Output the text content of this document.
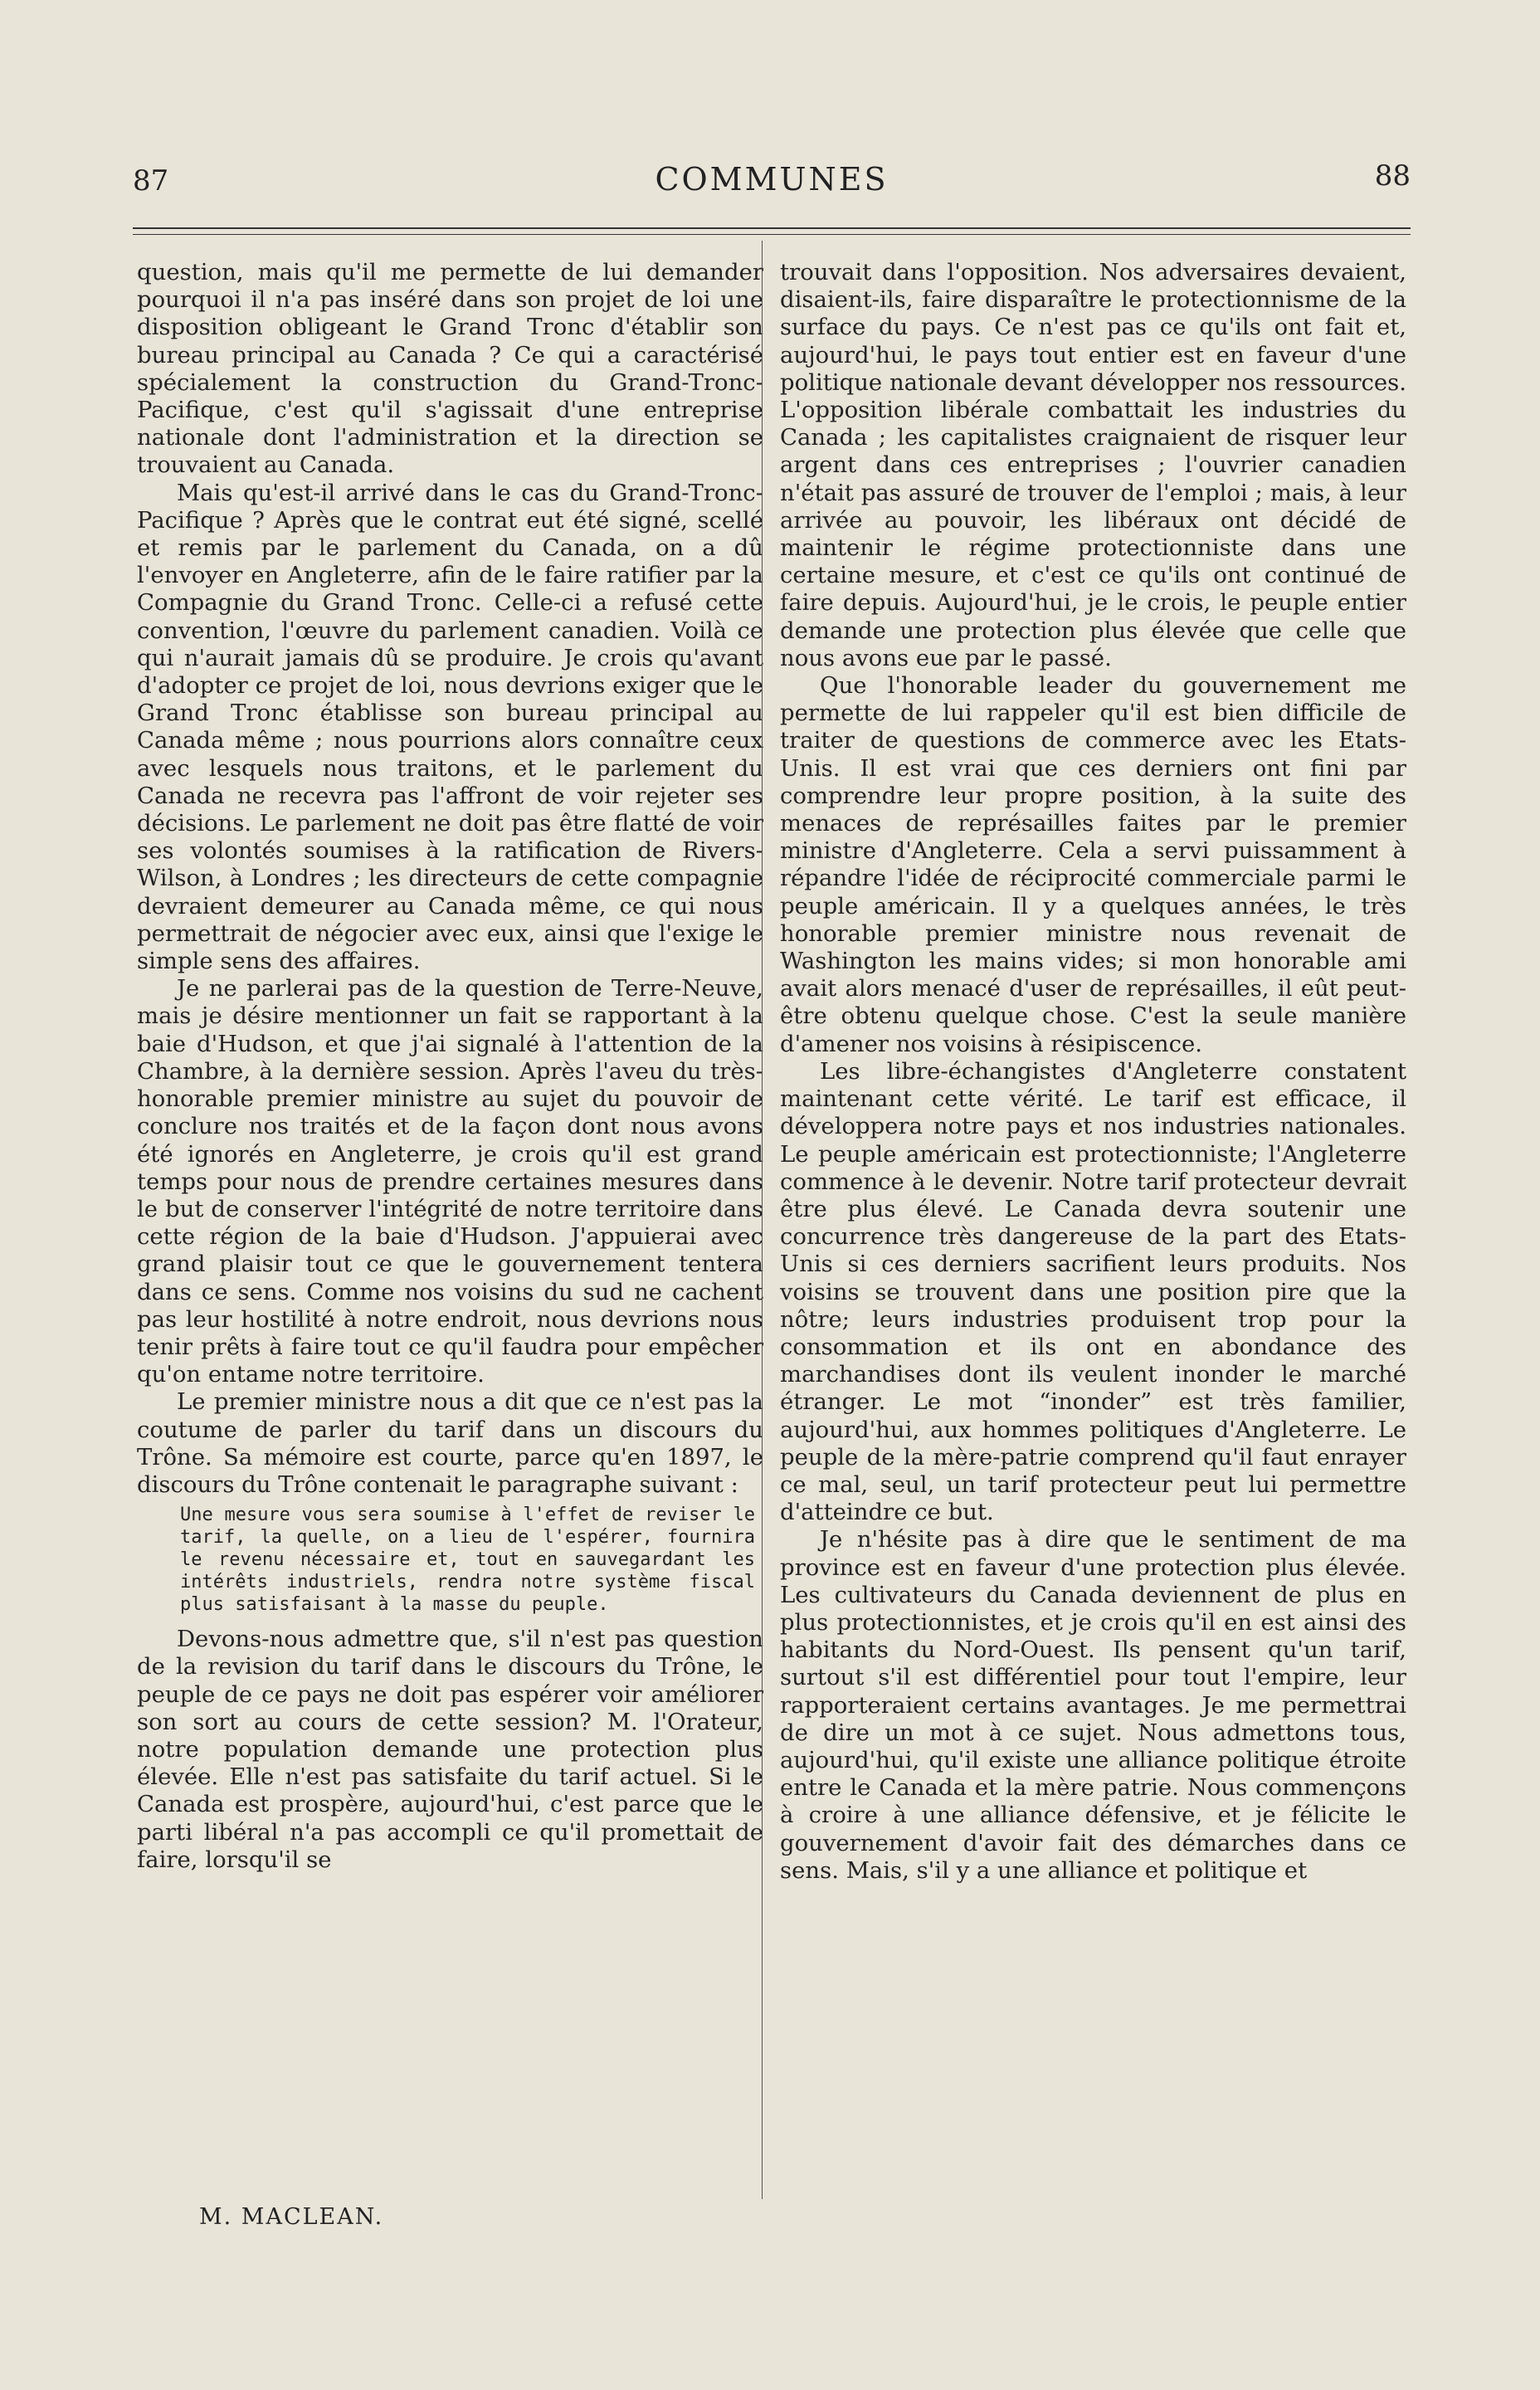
87	COMMUNES	88

question, mais qu'il me permette de lui demander pourquoi il n'a pas inséré dans son projet de loi une disposition obligeant le Grand Tronc d'établir son bureau principal au Canada ? Ce qui a caractérisé spécialement la construction du Grand-Tronc-Pacifique, c'est qu'il s'agissait d'une entreprise nationale dont l'administration et la direction se trouvaient au Canada.

Mais qu'est-il arrivé dans le cas du Grand-Tronc-Pacifique ? Après que le contrat eut été signé, scellé et remis par le parlement du Canada, on a dû l'envoyer en Angleterre, afin de le faire ratifier par la Compagnie du Grand Tronc. Celle-ci a refusé cette convention, l'œuvre du parlement canadien. Voilà ce qui n'aurait jamais dû se produire. Je crois qu'avant d'adopter ce projet de loi, nous devrions exiger que le Grand Tronc établisse son bureau principal au Canada même ; nous pourrions alors connaître ceux avec lesquels nous traitons, et le parlement du Canada ne recevra pas l'affront de voir rejeter ses décisions. Le parlement ne doit pas être flatté de voir ses volontés soumises à la ratification de Rivers-Wilson, à Londres ; les directeurs de cette compagnie devraient demeurer au Canada même, ce qui nous permettrait de négocier avec eux, ainsi que l'exige le simple sens des affaires.

Je ne parlerai pas de la question de Terre-Neuve, mais je désire mentionner un fait se rapportant à la baie d'Hudson, et que j'ai signalé à l'attention de la Chambre, à la dernière session. Après l'aveu du très-honorable premier ministre au sujet du pouvoir de conclure nos traités et de la façon dont nous avons été ignorés en Angleterre, je crois qu'il est grand temps pour nous de prendre certaines mesures dans le but de conserver l'intégrité de notre territoire dans cette région de la baie d'Hudson. J'appuierai avec grand plaisir tout ce que le gouvernement tentera dans ce sens. Comme nos voisins du sud ne cachent pas leur hostilité à notre endroit, nous devrions nous tenir prêts à faire tout ce qu'il faudra pour empêcher qu'on entame notre territoire.

Le premier ministre nous a dit que ce n'est pas la coutume de parler du tarif dans un discours du Trône. Sa mémoire est courte, parce qu'en 1897, le discours du Trône contenait le paragraphe suivant :

Une mesure vous sera soumise à l'effet de reviser le tarif, la quelle, on a lieu de l'espérer, fournira le revenu nécessaire et, tout en sauvegardant les intérêts industriels, rendra notre système fiscal plus satisfaisant à la masse du peuple.

Devons-nous admettre que, s'il n'est pas question de la revision du tarif dans le discours du Trône, le peuple de ce pays ne doit pas espérer voir améliorer son sort au cours de cette session? M. l'Orateur, notre population demande une protection plus élevée. Elle n'est pas satisfaite du tarif actuel. Si le Canada est prospère, aujourd'hui, c'est parce que le parti libéral n'a pas accompli ce qu'il promettait de faire, lorsqu'il se

trouvait dans l'opposition. Nos adversaires devaient, disaient-ils, faire disparaître le protectionnisme de la surface du pays. Ce n'est pas ce qu'ils ont fait et, aujourd'hui, le pays tout entier est en faveur d'une politique nationale devant développer nos ressources. L'opposition libérale combattait les industries du Canada ; les capitalistes craignaient de risquer leur argent dans ces entreprises ; l'ouvrier canadien n'était pas assuré de trouver de l'emploi ; mais, à leur arrivée au pouvoir, les libéraux ont décidé de maintenir le régime protectionniste dans une certaine mesure, et c'est ce qu'ils ont continué de faire depuis. Aujourd'hui, je le crois, le peuple entier demande une protection plus élevée que celle que nous avons eue par le passé.

Que l'honorable leader du gouvernement me permette de lui rappeler qu'il est bien difficile de traiter de questions de commerce avec les Etats-Unis. Il est vrai que ces derniers ont fini par comprendre leur propre position, à la suite des menaces de représailles faites par le premier ministre d'Angleterre. Cela a servi puissamment à répandre l'idée de réciprocité commerciale parmi le peuple américain. Il y a quelques années, le très honorable premier ministre nous revenait de Washington les mains vides; si mon honorable ami avait alors menacé d'user de représailles, il eût peut-être obtenu quelque chose. C'est la seule manière d'amener nos voisins à résipiscence.

Les libre-échangistes d'Angleterre constatent maintenant cette vérité. Le tarif est efficace, il développera notre pays et nos industries nationales. Le peuple américain est protectionniste; l'Angleterre commence à le devenir. Notre tarif protecteur devrait être plus élevé. Le Canada devra soutenir une concurrence très dangereuse de la part des Etats-Unis si ces derniers sacrifient leurs produits. Nos voisins se trouvent dans une position pire que la nôtre; leurs industries produisent trop pour la consommation et ils ont en abondance des marchandises dont ils veulent inonder le marché étranger. Le mot “inonder” est très familier, aujourd'hui, aux hommes politiques d'Angleterre. Le peuple de la mère-patrie comprend qu'il faut enrayer ce mal, seul, un tarif protecteur peut lui permettre d'atteindre ce but.

Je n'hésite pas à dire que le sentiment de ma province est en faveur d'une protection plus élevée. Les cultivateurs du Canada deviennent de plus en plus protectionnistes, et je crois qu'il en est ainsi des habitants du Nord-Ouest. Ils pensent qu'un tarif, surtout s'il est différentiel pour tout l'empire, leur rapporteraient certains avantages. Je me permettrai de dire un mot à ce sujet. Nous admettons tous, aujourd'hui, qu'il existe une alliance politique étroite entre le Canada et la mère patrie. Nous commençons à croire à une alliance défensive, et je félicite le gouvernement d'avoir fait des démarches dans ce sens. Mais, s'il y a une alliance et politique et

M. MACLEAN.
